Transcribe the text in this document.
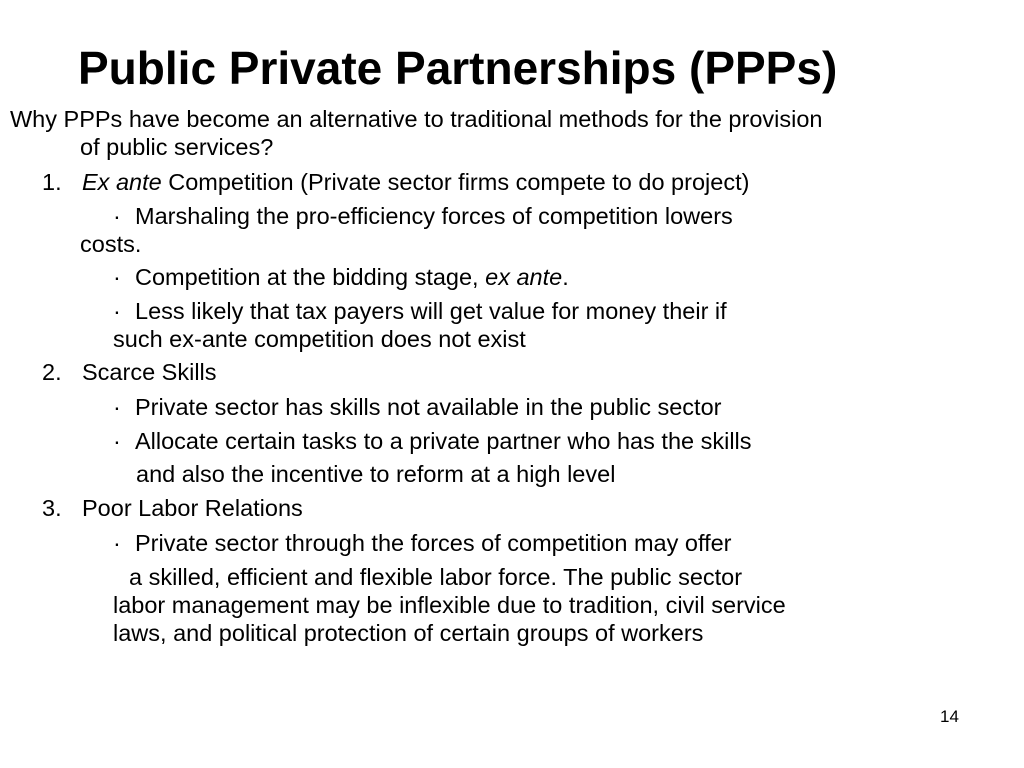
Public Private Partnerships (PPPs)
Why PPPs have become an alternative to traditional methods for the provision
of public services?
1. Ex ante Competition (Private sector firms compete to do project)
· Marshaling the pro-efficiency forces of competition lowers
costs.
· Competition at the bidding stage, ex ante.
· Less likely that tax payers will get value for money their if
such ex-ante competition does not exist
2. Scarce Skills
· Private sector has skills not available in the public sector
· Allocate certain tasks to a private partner who has the skills
and also the incentive to reform at a high level
3. Poor Labor Relations
· Private sector through the forces of competition may offer
a skilled, efficient and flexible labor force. The public sector
labor management may be inflexible due to tradition, civil service
laws, and political protection of certain groups of workers
14
